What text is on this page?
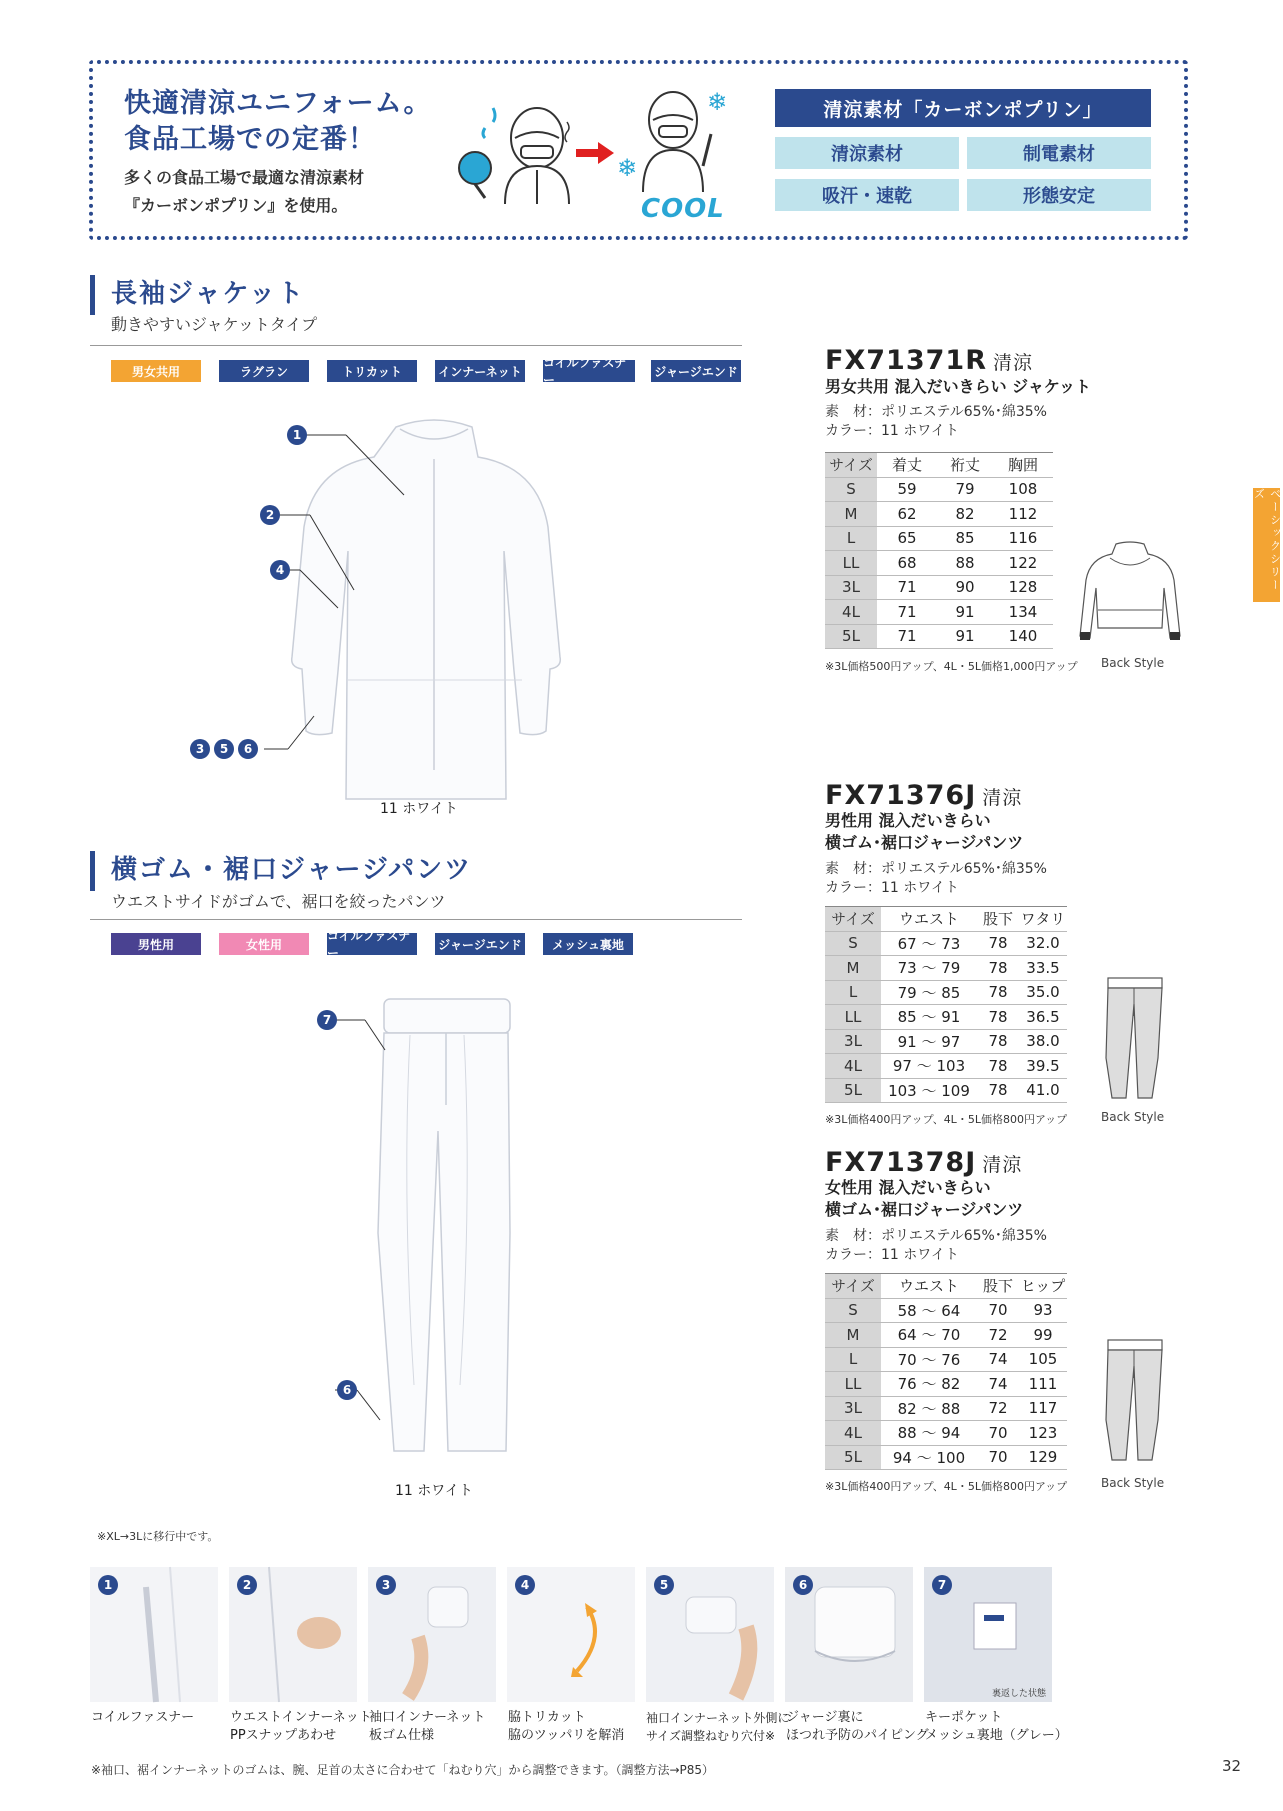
快適清涼ユニフォーム。
食品工場での定番！
多くの食品工場で最適な清涼素材
『カーボンポプリン』を使用。
❄
❄
COOL
清涼素材「カーボンポプリン」
清涼素材	制電素材
吸汗・速乾	形態安定
ベーシックシリーズ
長袖ジャケット
動きやすいジャケットタイプ
男女共用	ラグラン	トリカット	インナーネット
コイルファスナー
ジャージエンド
1
2
4
3	5	6
11 ホワイト
横ゴム・裾口ジャージパンツ
ウエストサイドがゴムで、裾口を絞ったパンツ
男性用	女性用
コイルファスナー
ジャージエンド	メッシュ裏地
7
6
11 ホワイト
FX71371R 清涼
男女共用 混入だいきらい ジャケット
素　材：ポリエステル65%･綿35%
カラー：11 ホワイト
サイズ	着丈	裄丈	胸囲
S	59	79	108
M	62	82	112
L	65	85	116
LL	68	88	122
3L	71	90	128
4L	71	91	134
5L	71	91	140
※3L価格500円アップ、4L・5L価格1,000円アップ Back Style
FX71376J 清涼
男性用 混入だいきらい
横ゴム･裾口ジャージパンツ
素　材：ポリエステル65%･綿35%
カラー：11 ホワイト
サイズ	ウエスト	股下	ワタリ
S	67 ～ 73	78	32.0
M	73 ～ 79	78	33.5
L	79 ～ 85	78	35.0
LL	85 ～ 91	78	36.5
3L	91 ～ 97	78	38.0
4L	97 ～ 103	78	39.5
5L	103 ～ 109	78	41.0
※3L価格400円アップ、4L・5L価格800円アップ	Back Style
FX71378J 清涼
女性用 混入だいきらい
横ゴム･裾口ジャージパンツ
素　材：ポリエステル65%･綿35%
カラー：11 ホワイト
サイズ	ウエスト	股下	ヒップ
S	58 ～ 64	70	93
M	64 ～ 70	72	99
L	70 ～ 76	74	105
LL	76 ～ 82	74	111
3L	82 ～ 88	72	117
4L	88 ～ 94	70	123
5L	94 ～ 100	70	129
※3L価格400円アップ、4L・5L価格800円アップ	Back Style
※XL→3Lに移行中です。
1	2	3	4	5	6	7
裏返した状態
コイルファスナー	ウエストインナーネット
PPスナップあわせ
袖口インナーネット
板ゴム仕様
脇トリカット
脇のツッパリを解消
袖口インナーネット外側に
サイズ調整ねむり穴付※
ジャージ裏に
ほつれ予防のパイピング
キーポケット
メッシュ裏地（グレー）
※袖口、裾インナーネットのゴムは、腕、足首の太さに合わせて「ねむり穴」から調整できます。（調整方法→P85）	32
